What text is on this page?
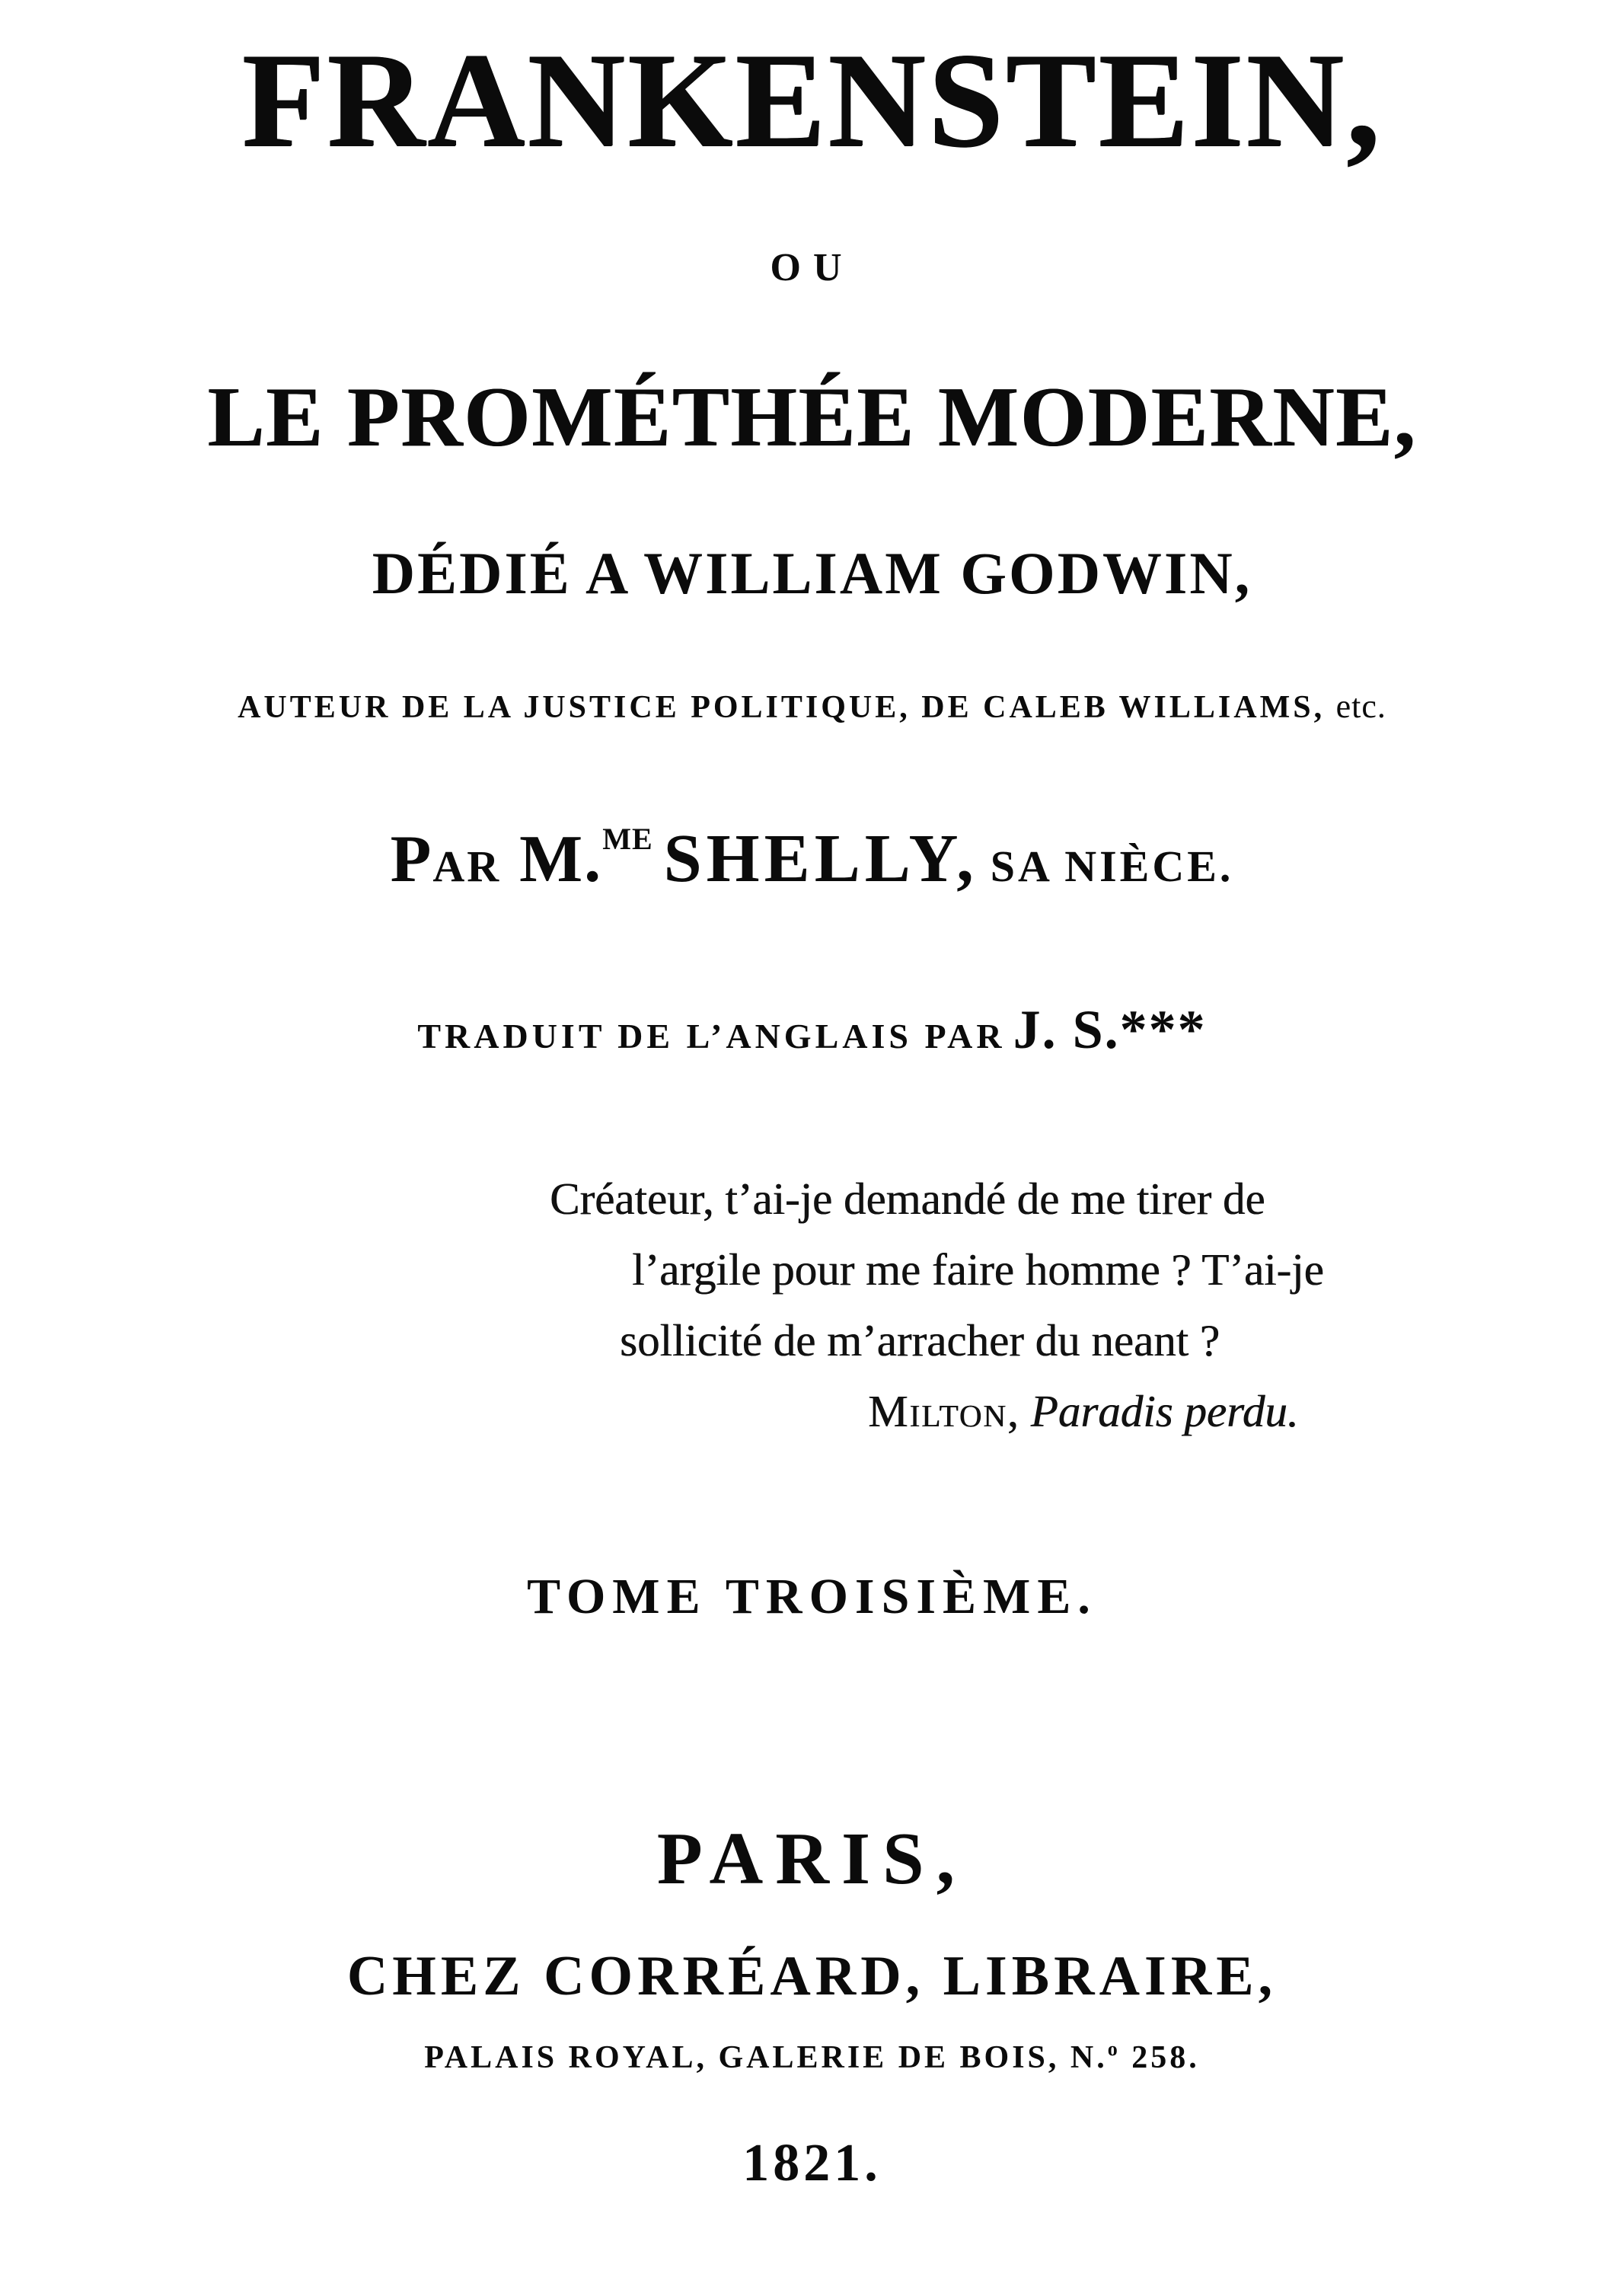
FRANKENSTEIN,
OU
LE PROMÉTHÉE MODERNE,
DÉDIÉ A WILLIAM GODWIN,
AUTEUR DE LA JUSTICE POLITIQUE, DE CALEB WILLIAMS, etc.
PAR M.$^{ME}$ SHELLY, SA NIÈCE.
TRADUIT DE L’ANGLAIS PAR J. S.***
Créateur, t’ai-je demandé de me tirer de
l’argile pour me faire homme ? T’ai-je
sollicité de m’arracher du neant ?
Milton, Paradis perdu.
TOME TROISIÈME.
PARIS,
CHEZ CORRÉARD, LIBRAIRE,
PALAIS ROYAL, GALERIE DE BOIS, N.$^o$ 258.
1821.
